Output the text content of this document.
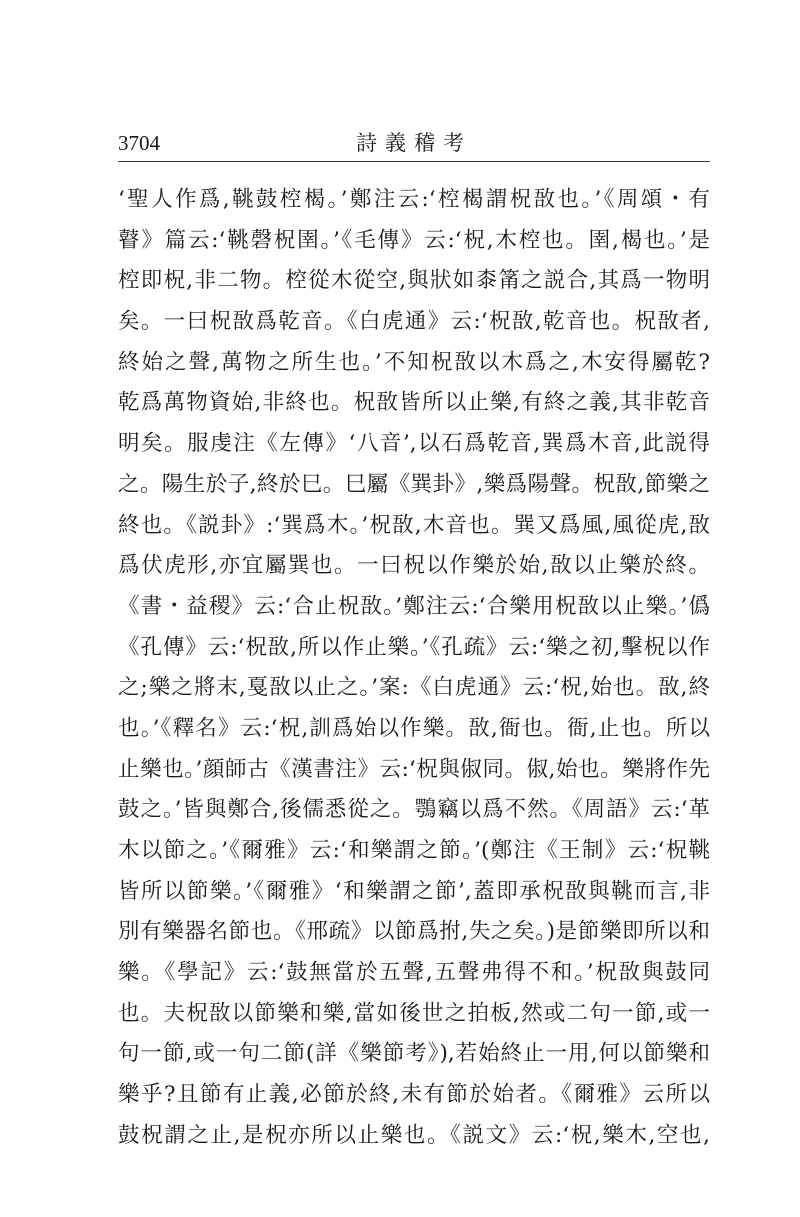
3704	詩義稽考
‘聖人作爲,鞉鼓椌楬。’鄭注云:‘椌楬謂柷敔也。’《周頌・有
瞽》篇云:‘鞉磬柷圉。’《毛傳》云:‘柷,木椌也。圉,楬也。’是
椌即柷,非二物。椌從木從空,與狀如桼筩之説合,其爲一物明
矣。一曰柷敔爲乾音。《白虎通》云:‘柷敔,乾音也。柷敔者,
終始之聲,萬物之所生也。’不知柷敔以木爲之,木安得屬乾?
乾爲萬物資始,非終也。柷敔皆所以止樂,有終之義,其非乾音
明矣。服虔注《左傳》‘八音’,以石爲乾音,巽爲木音,此説得
之。陽生於子,終於巳。巳屬《巽卦》,樂爲陽聲。柷敔,節樂之
終也。《説卦》:‘巽爲木。’柷敔,木音也。巽又爲風,風從虎,敔
爲伏虎形,亦宜屬巽也。一曰柷以作樂於始,敔以止樂於終。
《書・益稷》云:‘合止柷敔。’鄭注云:‘合樂用柷敔以止樂。’僞
《孔傳》云:‘柷敔,所以作止樂。’《孔疏》云:‘樂之初,擊柷以作
之;樂之將末,戛敔以止之。’案:《白虎通》云:‘柷,始也。敔,終
也。’《釋名》云:‘柷,訓爲始以作樂。敔,衙也。衙,止也。所以
止樂也。’顔師古《漢書注》云:‘柷與俶同。俶,始也。樂將作先
鼓之。’皆與鄭合,後儒悉從之。鶚竊以爲不然。《周語》云:‘革
木以節之。’《爾雅》云:‘和樂謂之節。’(鄭注《王制》云:‘柷鞉
皆所以節樂。’《爾雅》‘和樂謂之節’,蓋即承柷敔與鞉而言,非
別有樂器名節也。《邢疏》以節爲拊,失之矣。)是節樂即所以和
樂。《學記》云:‘鼓無當於五聲,五聲弗得不和。’柷敔與鼓同
也。夫柷敔以節樂和樂,當如後世之拍板,然或二句一節,或一
句一節,或一句二節(詳《樂節考》),若始終止一用,何以節樂和
樂乎?且節有止義,必節於終,未有節於始者。《爾雅》云所以
鼓柷謂之止,是柷亦所以止樂也。《説文》云:‘柷,樂木,空也,
